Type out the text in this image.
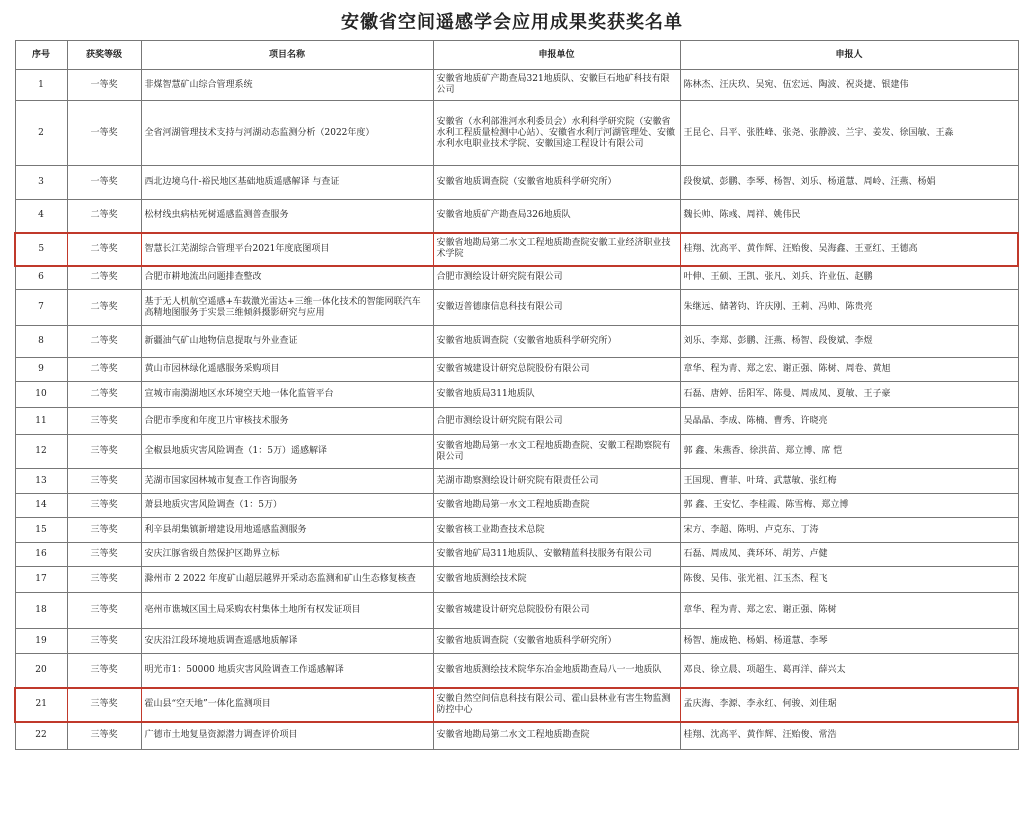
安徽省空间遥感学会应用成果奖获奖名单
序号	获奖等级	项目名称	申报单位	申报人
1	一等奖	非煤智慧矿山综合管理系统	安徽省地质矿产勘查局321地质队、安徽巨石地矿科技有限公司	陈林杰、汪庆玖、吴宛、伍宏远、陶波、祝炎捷、银建伟
2	一等奖	全省河湖管理技术支持与河湖动态监测分析（2022年度）	安徽省（水利部淮河水利委员会）水利科学研究院（安徽省水利工程质量检测中心站）、安徽省水利厅河湖管理处、安徽水利水电职业技术学院、安徽国途工程设计有限公司	王昆仑、吕平、张胜峰、张尧、张静波、兰宇、姜发、徐国敏、王淼
3	一等奖	西北边境乌什-裕民地区基础地质遥感解译 与查证	安徽省地质调查院（安徽省地质科学研究所）	段俊斌、彭鹏、李琴、杨智、刘乐、杨道慧、周岭、汪燕、杨娟
4	二等奖	松材线虫病枯死树遥感监测普查服务	安徽省地质矿产勘查局326地质队	魏长帅、陈彧、周祥、姚伟民
5	二等奖	智慧长江芜湖综合管理平台2021年度底图项目	安徽省地勘局第二水文工程地质勘查院安徽工业经济职业技术学院	桂翔、沈高平、黄作辉、汪贻俊、吴海鑫、王亚红、王德高
6	二等奖	合肥市耕地流出问题排查整改	合肥市测绘设计研究院有限公司	叶伸、王硕、王凯、张凡、刘兵、许业伍、赵鹏
7	二等奖	基于无人机航空遥感+车载激光雷达+三维一体化技术的智能网联汽车高精地图服务于实景三维倾斜摄影研究与应用	安徽迈普德康信息科技有限公司	朱继远、储著钧、许庆刚、王莉、冯帅、陈贵亮
8	二等奖	新疆油气矿山地物信息提取与外业查证	安徽省地质调查院（安徽省地质科学研究所）	刘乐、李郑、彭鹏、汪燕、杨智、段俊斌、李煜
9	二等奖	黄山市园林绿化遥感服务采购项目	安徽省城建设计研究总院股份有限公司	章华、程为青、郑之宏、谢正强、陈树、周卷、黄旭
10	二等奖	宣城市南漪湖地区水环境空天地一体化监管平台	安徽省地质局311地质队	石磊、唐婷、岳阳军、陈曼、周成凤、夏敏、王子豪
11	三等奖	合肥市季度和年度卫片审核技术服务	合肥市测绘设计研究院有限公司	吴晶晶、李成、陈楠、曹秀、许晓亮
12	三等奖	全椒县地质灾害风险调查（1：5万）遥感解译	安徽省地勘局第一水文工程地质勘查院、安徽工程勘察院有限公司	郭 鑫、朱燕香、徐洪苗、郑立博、席 恺
13	三等奖	芜湖市国家园林城市复查工作咨询服务	芜湖市勘察测绘设计研究院有限责任公司	王国现、曹菲、叶琦、武慧敏、张红梅
14	三等奖	萧县地质灾害风险调查（1：5万）	安徽省地勘局第一水文工程地质勘查院	郭 鑫、王安忆、李桂霞、陈雪梅、郑立博
15	三等奖	利辛县胡集镇新增建设用地遥感监测服务	安徽省核工业勘查技术总院	宋方、李超、陈明、卢克东、丁涛
16	三等奖	安庆江豚省级自然保护区勘界立标	安徽省地矿局311地质队、安徽精蓝科技服务有限公司	石磊、周成凤、龚环环、胡芳、卢健
17	三等奖	滁州市 2 2022 年度矿山超层越界开采动态监测和矿山生态修复核查	安徽省地质测绘技术院	陈俊、吴伟、张光祖、江玉杰、程飞
18	三等奖	亳州市谯城区国土局采购农村集体土地所有权发证项目	安徽省城建设计研究总院股份有限公司	章华、程为青、郑之宏、谢正强、陈树
19	三等奖	安庆沿江段环境地质调查遥感地质解译	安徽省地质调查院（安徽省地质科学研究所）	杨智、施成艳、杨娟、杨道慧、李琴
20	三等奖	明光市1：50000 地质灾害风险调查工作遥感解译	安徽省地质测绘技术院华东冶金地质勘查局八一一地质队	邓良、徐立晨、项超生、葛再洋、薛兴太
21	三等奖	霍山县“空天地”一体化监测项目	安徽自然空间信息科技有限公司、霍山县林业有害生物监测防控中心	孟庆海、李源、李永红、何骏、刘佳琚
22	三等奖	广德市土地复垦资源潜力调查评价项目	安徽省地勘局第二水文工程地质勘查院	桂翔、沈高平、黄作辉、汪贻俊、常浩
